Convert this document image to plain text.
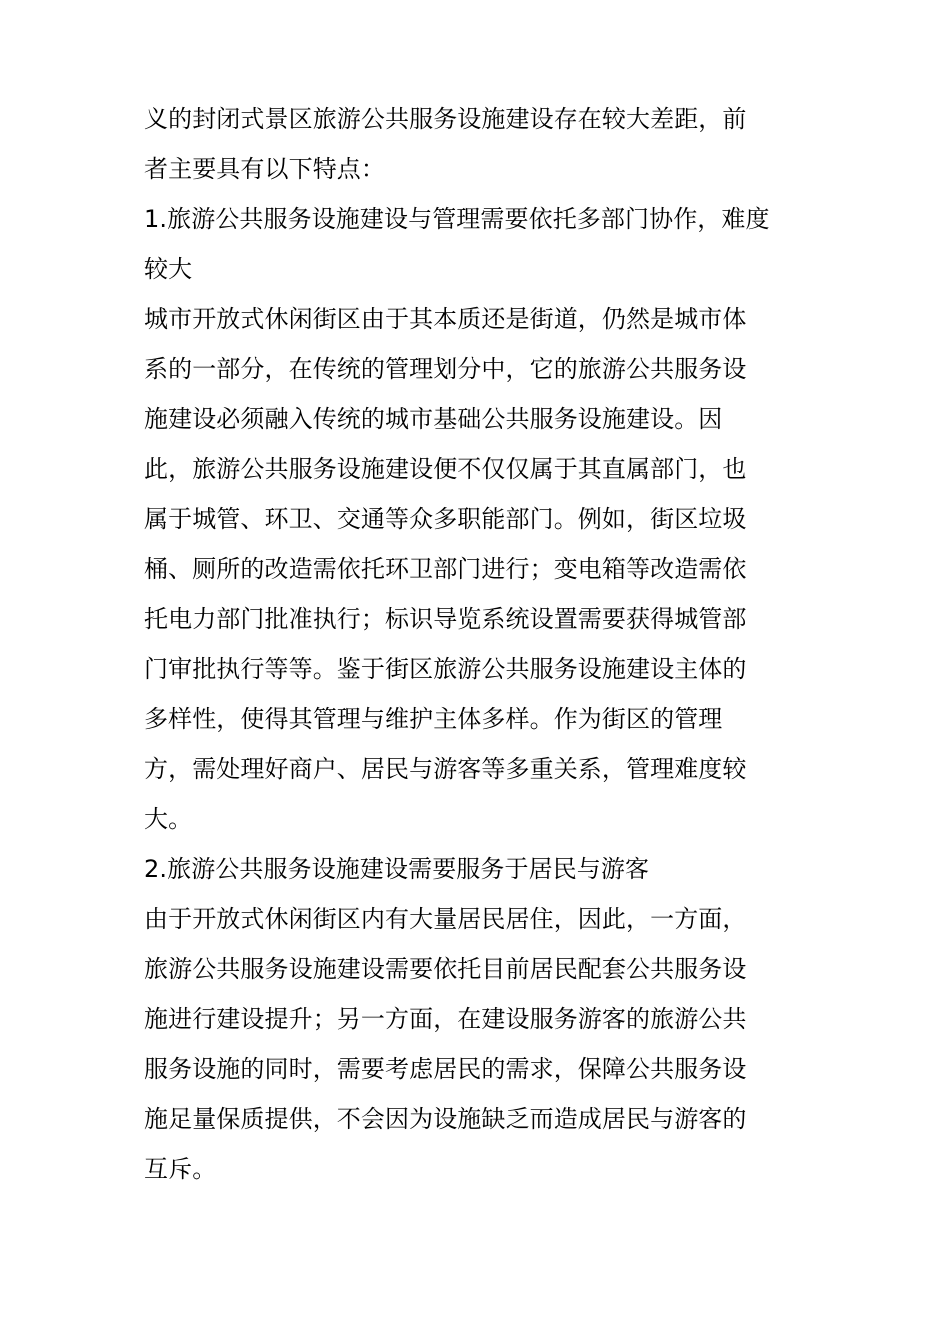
义的封闭式景区旅游公共服务设施建设存在较大差距，前
者主要具有以下特点：
1.旅游公共服务设施建设与管理需要依托多部门协作，难度
较大
城市开放式休闲街区由于其本质还是街道，仍然是城市体
系的一部分，在传统的管理划分中，它的旅游公共服务设
施建设必须融入传统的城市基础公共服务设施建设。因
此，旅游公共服务设施建设便不仅仅属于其直属部门，也
属于城管、环卫、交通等众多职能部门。例如，街区垃圾
桶、厕所的改造需依托环卫部门进行；变电箱等改造需依
托电力部门批准执行；标识导览系统设置需要获得城管部
门审批执行等等。鉴于街区旅游公共服务设施建设主体的
多样性，使得其管理与维护主体多样。作为街区的管理
方，需处理好商户、居民与游客等多重关系，管理难度较
大。
2.旅游公共服务设施建设需要服务于居民与游客
由于开放式休闲街区内有大量居民居住，因此，一方面，
旅游公共服务设施建设需要依托目前居民配套公共服务设
施进行建设提升；另一方面，在建设服务游客的旅游公共
服务设施的同时，需要考虑居民的需求，保障公共服务设
施足量保质提供，不会因为设施缺乏而造成居民与游客的
互斥。
